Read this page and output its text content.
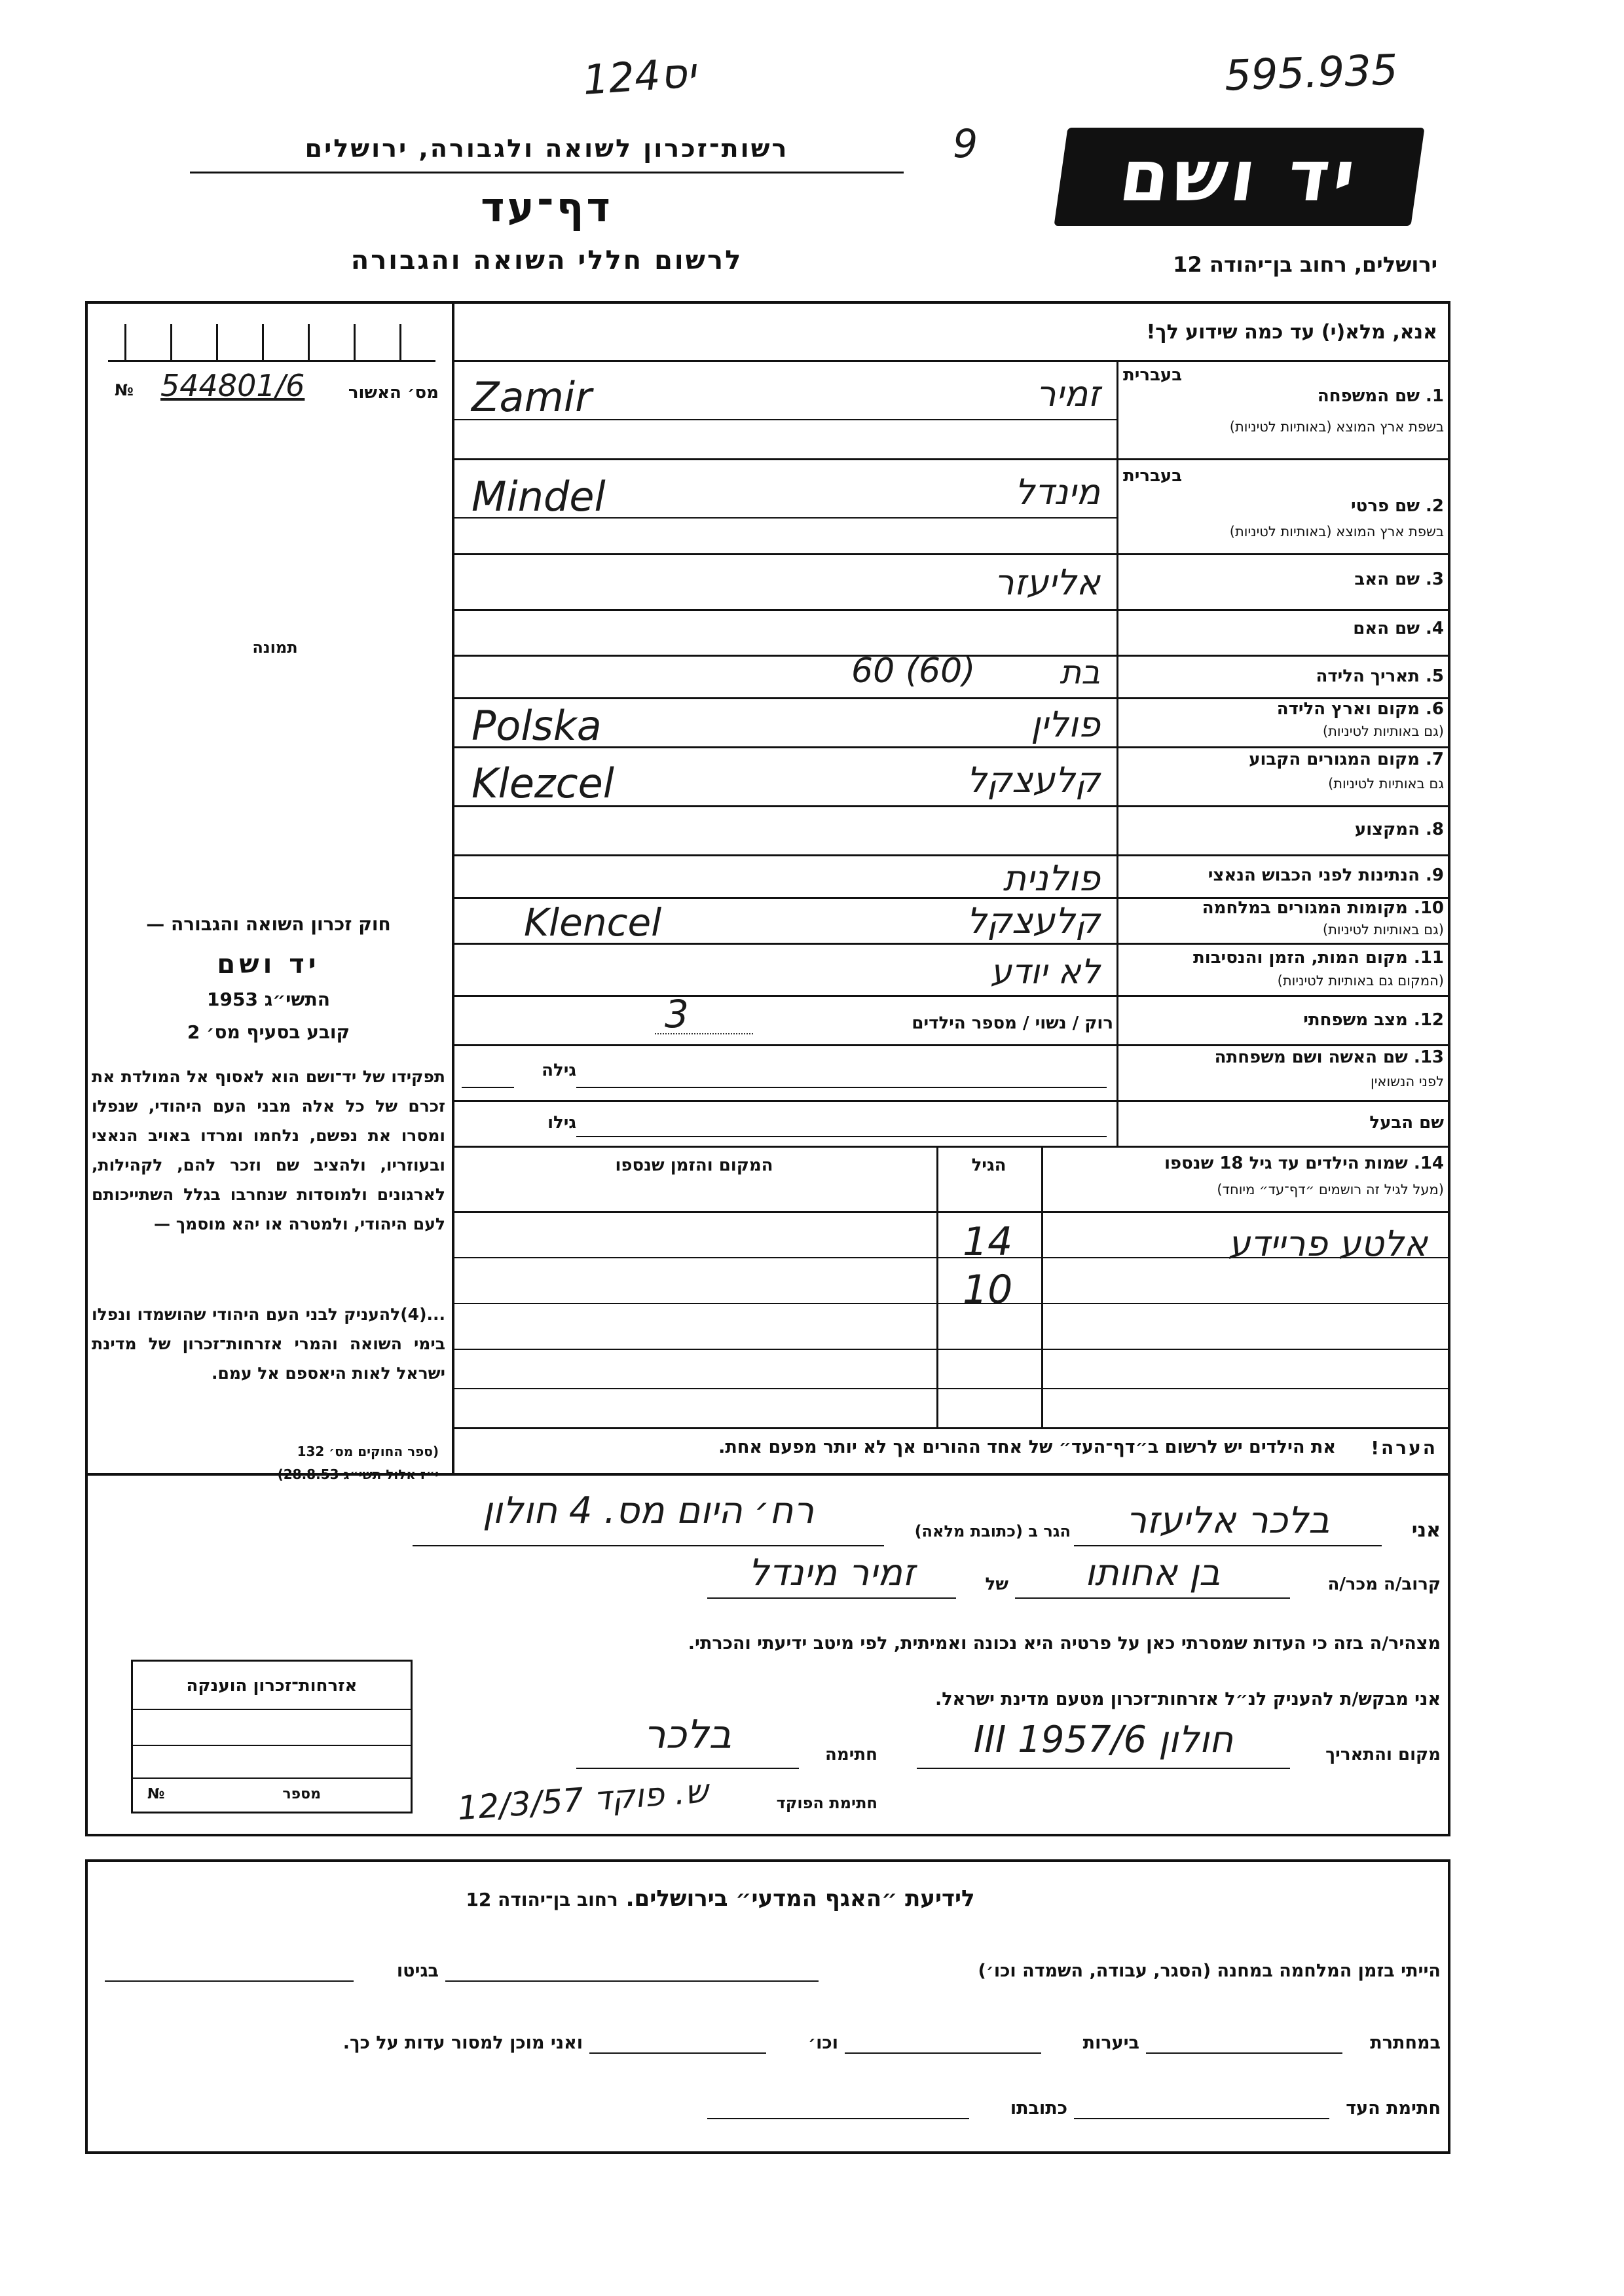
124יס	595.935
9
רשות־זכרון לשואה ולגבורה, ירושלים
דף־עד
לרשום חללי השואה והגבורה
יד ושם
ירושלים, רחוב בן־יהודה 12
№ 544801/6	מס׳ האשור
תמונה
אנא, מלא(י) עד כמה שידוע לך!
1. שם המשפחה
בעברית
בשפת ארץ המוצא (באותיות לטיניות)
2. שם פרטי
בעברית
בשפת ארץ המוצא (באותיות לטיניות)
3. שם האב
4. שם האם
5. תאריך הלידה
6. מקום וארץ הלידה
(גם באותיות לטיניות)
7. מקום המגורים הקבוע
גם באותיות לטיניות)
8. המקצוע
9. הנתינות לפני הכבוש הנאצי
10. מקומות המגורים במלחמה
(גם באותיות לטיניות)
11. מקום המות, הזמן והנסיבות
(המקום גם באותיות לטיניות)
12. מצב משפחתי
13. שם האשה ושם משפחתה
לפני הנשואין
שם הבעל
זמיר
Zamir
מינדל
Mindel
אליעזר
בת
60 (60)
פולין
Polska
קלעצקל
Klezcel
פולנית
קלעצקל
Klencel
לא יודע
רוק / נשוי / מספר הילדים
3
גילה
גילו
14. שמות הילדים עד גיל 18 שנספו
(מעל לגיל זה רושמים ״דף־עד״ מיוחד)
הגיל
המקום והזמן שנספו
אלטע פריידע
14
10
הערה!
את הילדים יש לרשום ב״דף־העד״ של אחד ההורים אך לא יותר מפעם אחת.
חוק זכרון השואה והגבורה —
יד ושם
התשי״ג 1953
קובע בסעיף מס׳ 2
תפקידו של יד־ושם הוא לאסוף אל המולדת את זכרם של כל אלה מבני העם היהודי, שנפלו ומסרו את נפשם, נלחמו ומרדו באויב הנאצי ובעוזריו, ולהציב שם וזכר להם, לקהילות, לארגונים ולמוסדות שנחרבו בגלל השתייכותם לעם היהודי, ולמטרה או יהא מוסמך —
...(4)להעניק לבני העם היהודי שהושמדו ונפלו בימי השואה והמרי אזרחות־זכרון של מדינת ישראל לאות היאספם אל עמם.
(ספר החוקים מס׳ 132
י״ז אלול תשי״ג 28.8.53)
אני
בלכר אליעזר
הגר ב (כתובת מלאה)
רח׳ היום מס. 4 חולון
קרוב/ה מכר/ה
בן אחותו
של
זמיר מינדל
מצהיר/ה בזה כי העדות שמסרתי כאן על פרטיה היא נכונה ואמיתית, לפי מיטב ידיעתי והכרתי.
אני מבקש/ת להעניק לנ״ל אזרחות־זכרון מטעם מדינת ישראל.
מקום והתאריך
חולון 6/III 1957
חתימה
בלכר
חתימת הפוקד
ש. פוקד 12/3/57
אזרחות־זכרון הוענקה
מספר
№
לידיעת ״האגף המדעי״ בירושלים. רחוב בן־יהודה 12
הייתי בזמן המלחמה במחנה (הסגר, עבודה, השמדה וכו׳)
בגיטו
במחתרת
ביערות
וכו׳
ואני מוכן למסור עדות על כך.
חתימת העד
כתובתו
